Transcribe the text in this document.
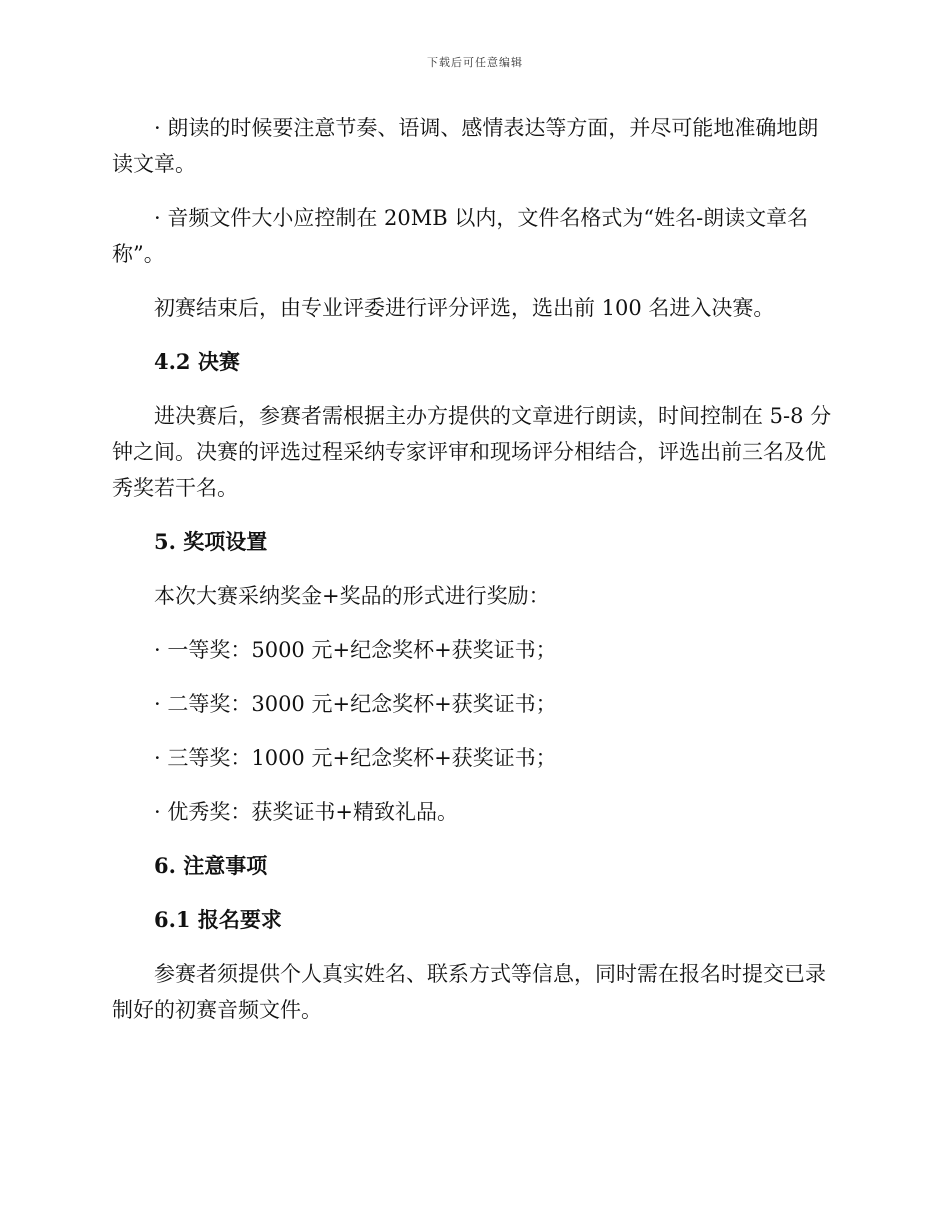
下载后可任意编辑

· 朗读的时候要注意节奏、语调、感情表达等方面，并尽可能地准确地朗读文章。

· 音频文件大小应控制在 20MB 以内，文件名格式为“姓名-朗读文章名称”。

初赛结束后，由专业评委进行评分评选，选出前 100 名进入决赛。

4.2 决赛

进决赛后，参赛者需根据主办方提供的文章进行朗读，时间控制在 5-8 分钟之间。决赛的评选过程采纳专家评审和现场评分相结合，评选出前三名及优秀奖若干名。

5. 奖项设置

本次大赛采纳奖金+奖品的形式进行奖励：

· 一等奖：5000 元+纪念奖杯+获奖证书；

· 二等奖：3000 元+纪念奖杯+获奖证书；

· 三等奖：1000 元+纪念奖杯+获奖证书；

· 优秀奖：获奖证书+精致礼品。

6. 注意事项

6.1 报名要求

参赛者须提供个人真实姓名、联系方式等信息，同时需在报名时提交已录制好的初赛音频文件。
